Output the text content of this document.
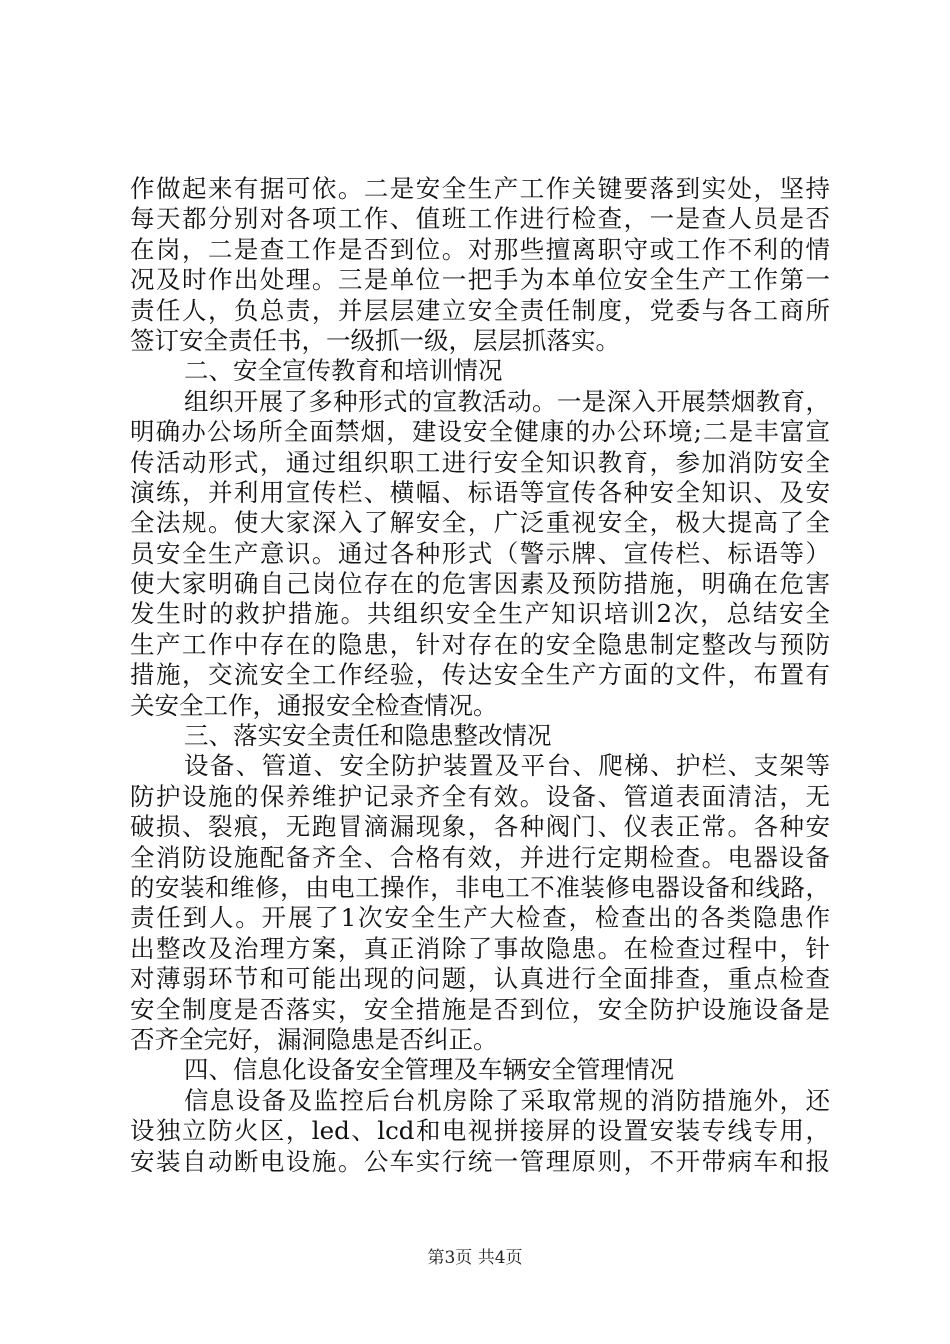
作做起来有据可依。二是安全生产工作关键要落到实处，坚持
每天都分别对各项工作、值班工作进行检查，一是查人员是否
在岗，二是查工作是否到位。对那些擅离职守或工作不利的情
况及时作出处理。三是单位一把手为本单位安全生产工作第一
责任人，负总责，并层层建立安全责任制度，党委与各工商所
签订安全责任书，一级抓一级，层层抓落实。
二、安全宣传教育和培训情况
组织开展了多种形式的宣教活动。一是深入开展禁烟教育，
明确办公场所全面禁烟，建设安全健康的办公环境;二是丰富宣
传活动形式，通过组织职工进行安全知识教育，参加消防安全
演练，并利用宣传栏、横幅、标语等宣传各种安全知识、及安
全法规。使大家深入了解安全，广泛重视安全，极大提高了全
员安全生产意识。通过各种形式（警示牌、宣传栏、标语等）
使大家明确自己岗位存在的危害因素及预防措施，明确在危害
发生时的救护措施。共组织安全生产知识培训2次，总结安全
生产工作中存在的隐患，针对存在的安全隐患制定整改与预防
措施，交流安全工作经验，传达安全生产方面的文件，布置有
关安全工作，通报安全检查情况。
三、落实安全责任和隐患整改情况
设备、管道、安全防护装置及平台、爬梯、护栏、支架等
防护设施的保养维护记录齐全有效。设备、管道表面清洁，无
破损、裂痕，无跑冒滴漏现象，各种阀门、仪表正常。各种安
全消防设施配备齐全、合格有效，并进行定期检查。电器设备
的安装和维修，由电工操作，非电工不准装修电器设备和线路，
责任到人。开展了1次安全生产大检查，检查出的各类隐患作
出整改及治理方案，真正消除了事故隐患。在检查过程中，针
对薄弱环节和可能出现的问题，认真进行全面排查，重点检查
安全制度是否落实，安全措施是否到位，安全防护设施设备是
否齐全完好，漏洞隐患是否纠正。
四、信息化设备安全管理及车辆安全管理情况
信息设备及监控后台机房除了采取常规的消防措施外，还
设独立防火区，led、lcd和电视拼接屏的设置安装专线专用，
安装自动断电设施。公车实行统一管理原则，不开带病车和报
第3页 共4页
